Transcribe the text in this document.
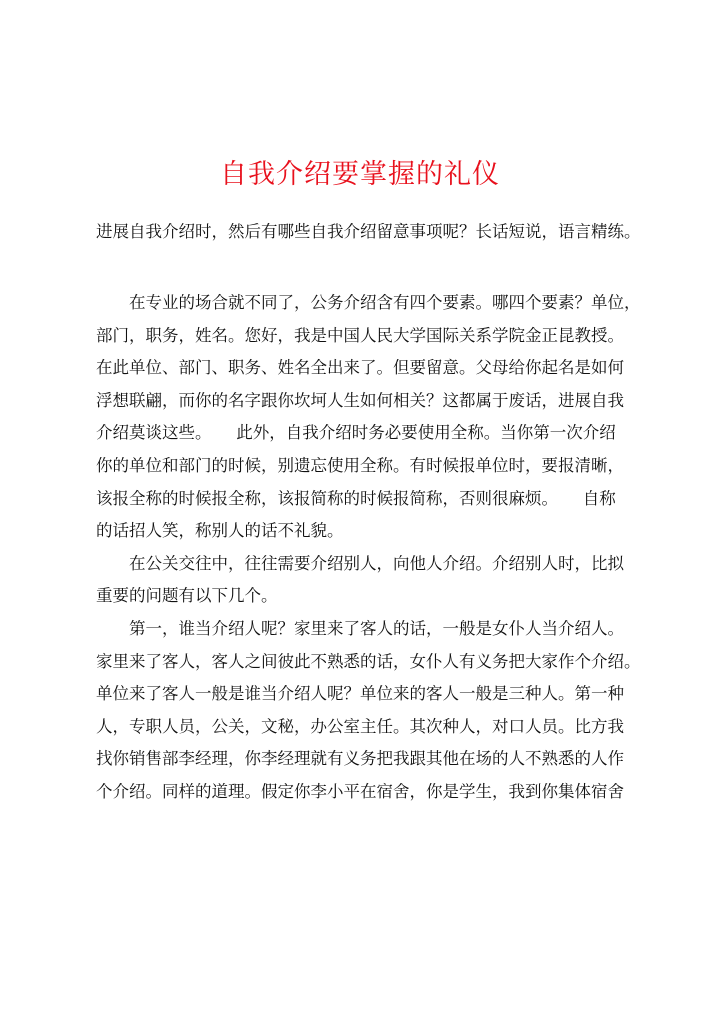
自我介绍要掌握的礼仪
进展自我介绍时，然后有哪些自我介绍留意事项呢？长话短说，语言精练。

在专业的场合就不同了，公务介绍含有四个要素。哪四个要素？单位，
部门，职务，姓名。您好，我是中国人民大学国际关系学院金正昆教授。
在此单位、部门、职务、姓名全出来了。但要留意。父母给你起名是如何
浮想联翩，而你的名字跟你坎坷人生如何相关？这都属于废话，进展自我
介绍莫谈这些。　　此外，自我介绍时务必要使用全称。当你第一次介绍
你的单位和部门的时候，别遗忘使用全称。有时候报单位时，要报清晰，
该报全称的时候报全称，该报简称的时候报简称，否则很麻烦。　　自称
的话招人笑，称别人的话不礼貌。

在公关交往中，往往需要介绍别人，向他人介绍。介绍别人时，比拟
重要的问题有以下几个。

第一，谁当介绍人呢？家里来了客人的话，一般是女仆人当介绍人。
家里来了客人，客人之间彼此不熟悉的话，女仆人有义务把大家作个介绍。
单位来了客人一般是谁当介绍人呢？单位来的客人一般是三种人。第一种
人，专职人员，公关，文秘，办公室主任。其次种人，对口人员。比方我
找你销售部李经理，你李经理就有义务把我跟其他在场的人不熟悉的人作
个介绍。同样的道理。假定你李小平在宿舍，你是学生，我到你集体宿舍
